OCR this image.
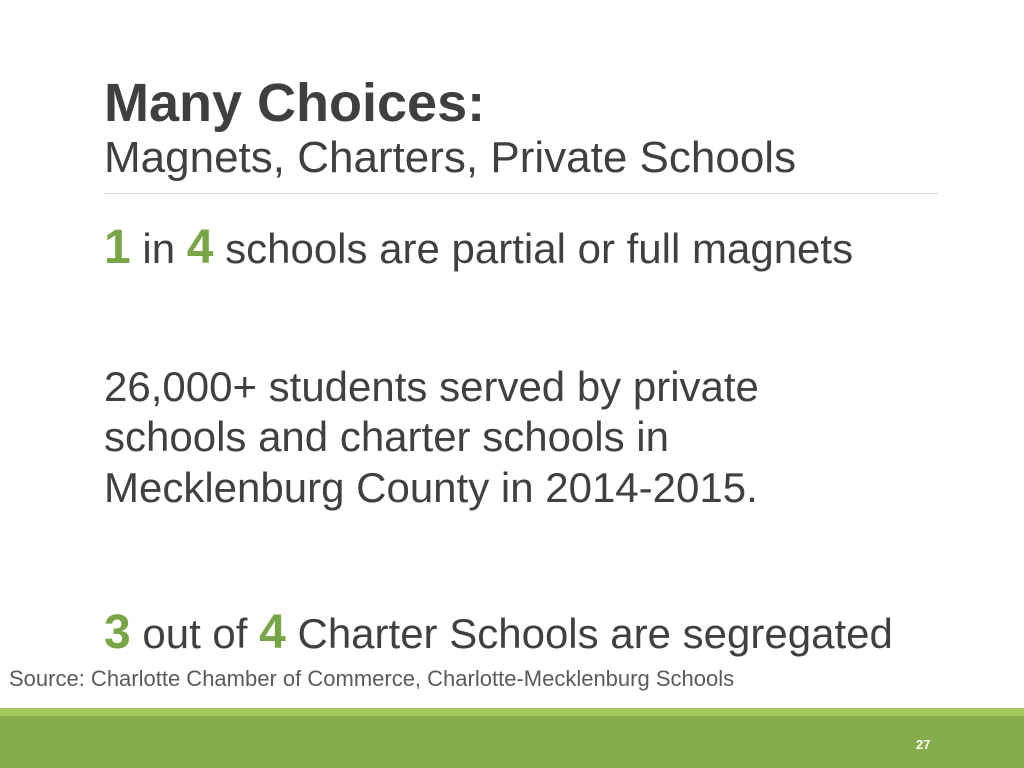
Many Choices:
Magnets, Charters, Private Schools
1 in 4 schools are partial or full magnets
26,000+ students served by private schools and charter schools in Mecklenburg County in 2014-2015.
3 out of 4 Charter Schools are segregated
Source: Charlotte Chamber of Commerce, Charlotte-Mecklenburg Schools
27
